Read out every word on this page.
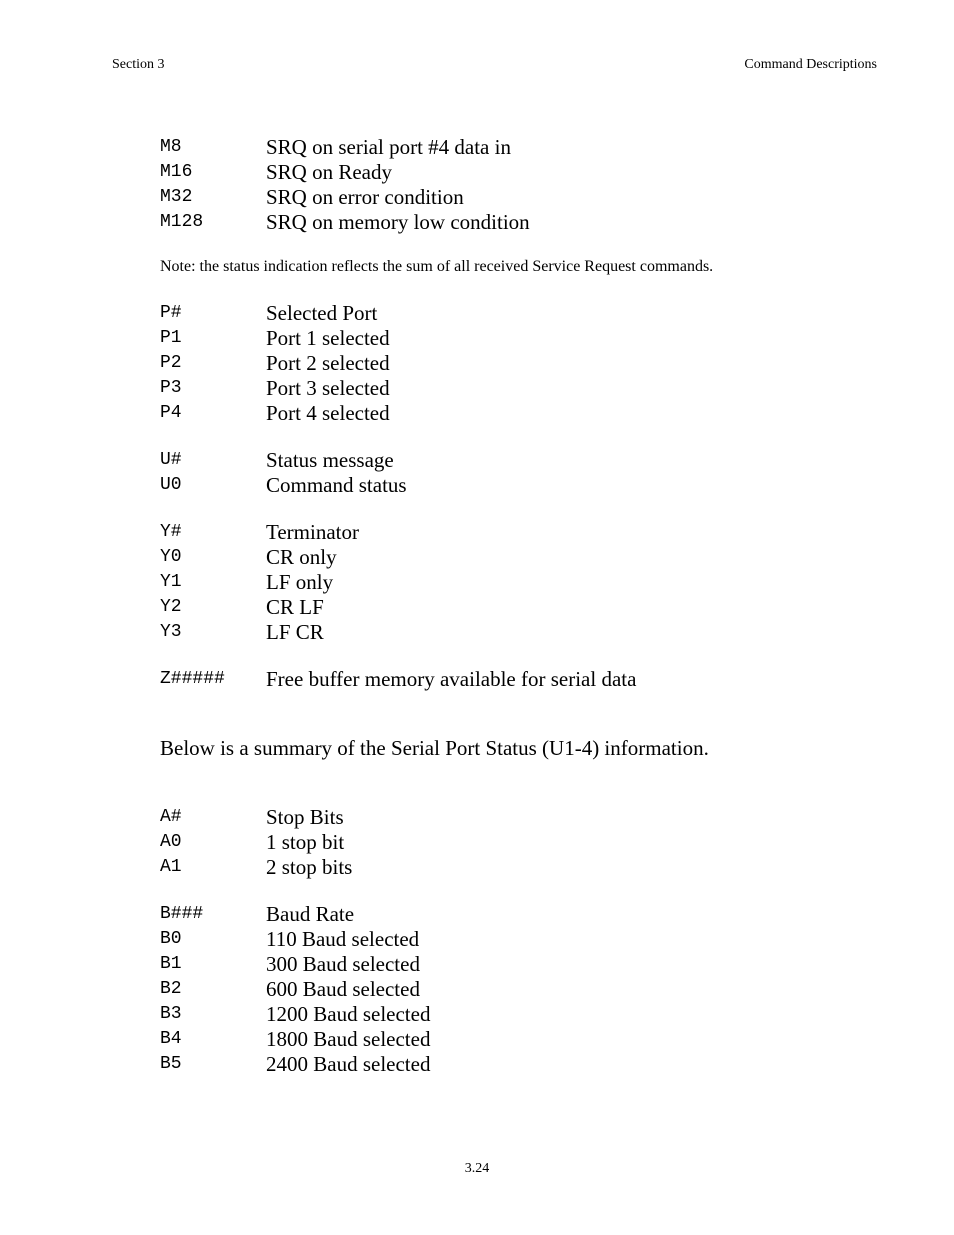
Section 3	Command Descriptions
M8	SRQ on serial port #4 data in
M16	SRQ on Ready
M32	SRQ on error condition
M128	SRQ on memory low condition
Note: the status indication reflects the sum of all received Service Request commands.
P#	Selected Port
P1	Port 1 selected
P2	Port 2 selected
P3	Port 3 selected
P4	Port 4 selected
U#	Status message
U0	Command status
Y#	Terminator
Y0	CR only
Y1	LF only
Y2	CR LF
Y3	LF CR
Z##### Free buffer memory available for serial data
Below is a summary of the Serial Port Status (U1-4) information.
A#	Stop Bits
A0	1 stop bit
A1	2 stop bits
B###	Baud Rate
B0	110 Baud selected
B1	300 Baud selected
B2	600 Baud selected
B3	1200 Baud selected
B4	1800 Baud selected
B5	2400 Baud selected
3.24
